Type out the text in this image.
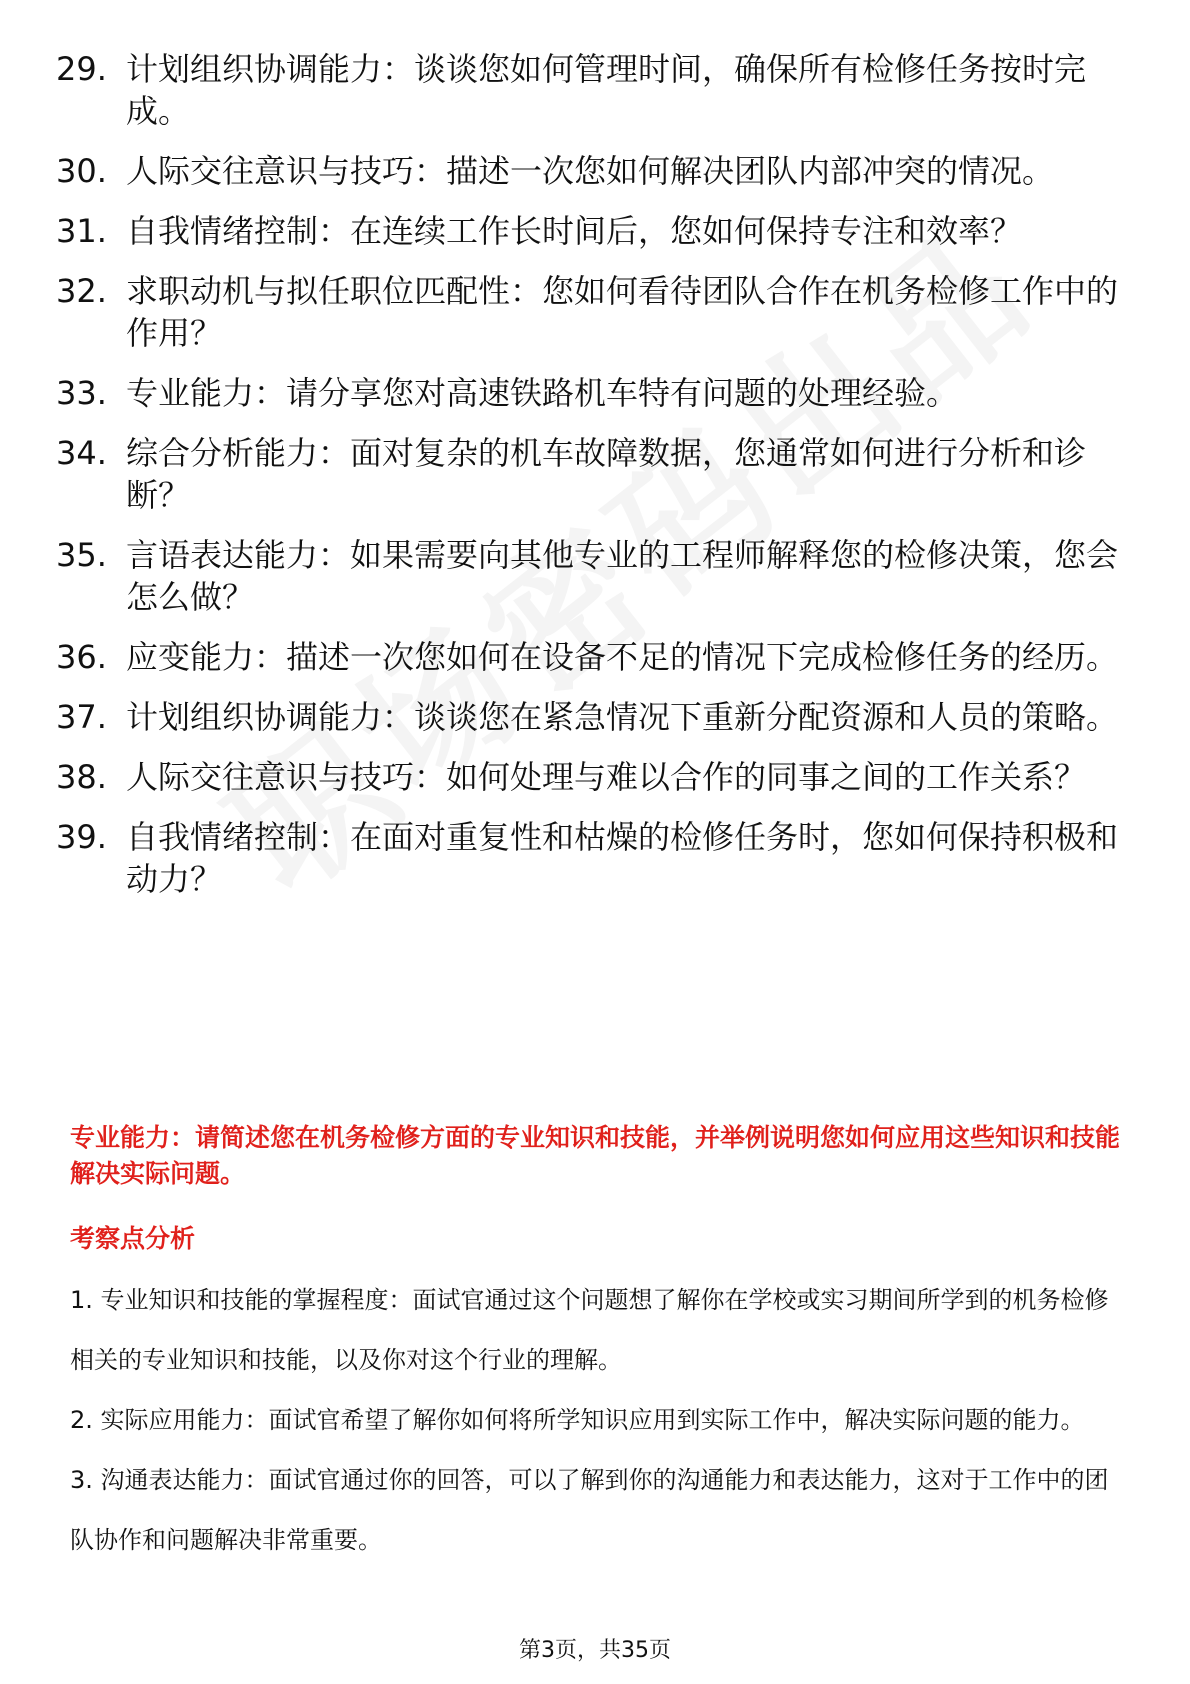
29. 计划组织协调能力：谈谈您如何管理时间，确保所有检修任务按时完成。
30. 人际交往意识与技巧：描述一次您如何解决团队内部冲突的情况。
31. 自我情绪控制：在连续工作长时间后，您如何保持专注和效率？
32. 求职动机与拟任职位匹配性：您如何看待团队合作在机务检修工作中的作用？
33. 专业能力：请分享您对高速铁路机车特有问题的处理经验。
34. 综合分析能力：面对复杂的机车故障数据，您通常如何进行分析和诊断？
35. 言语表达能力：如果需要向其他专业的工程师解释您的检修决策，您会怎么做？
36. 应变能力：描述一次您如何在设备不足的情况下完成检修任务的经历。
37. 计划组织协调能力：谈谈您在紧急情况下重新分配资源和人员的策略。
38. 人际交往意识与技巧：如何处理与难以合作的同事之间的工作关系？
39. 自我情绪控制：在面对重复性和枯燥的检修任务时，您如何保持积极和动力？
专业能力：请简述您在机务检修方面的专业知识和技能，并举例说明您如何应用这些知识和技能解决实际问题。
考察点分析

1. 专业知识和技能的掌握程度：面试官通过这个问题想了解你在学校或实习期间所学到的机务检修相关的专业知识和技能，以及你对这个行业的理解。

2. 实际应用能力：面试官希望了解你如何将所学知识应用到实际工作中，解决实际问题的能力。

3. 沟通表达能力：面试官通过你的回答，可以了解到你的沟通能力和表达能力，这对于工作中的团队协作和问题解决非常重要。

第3页，共35页
